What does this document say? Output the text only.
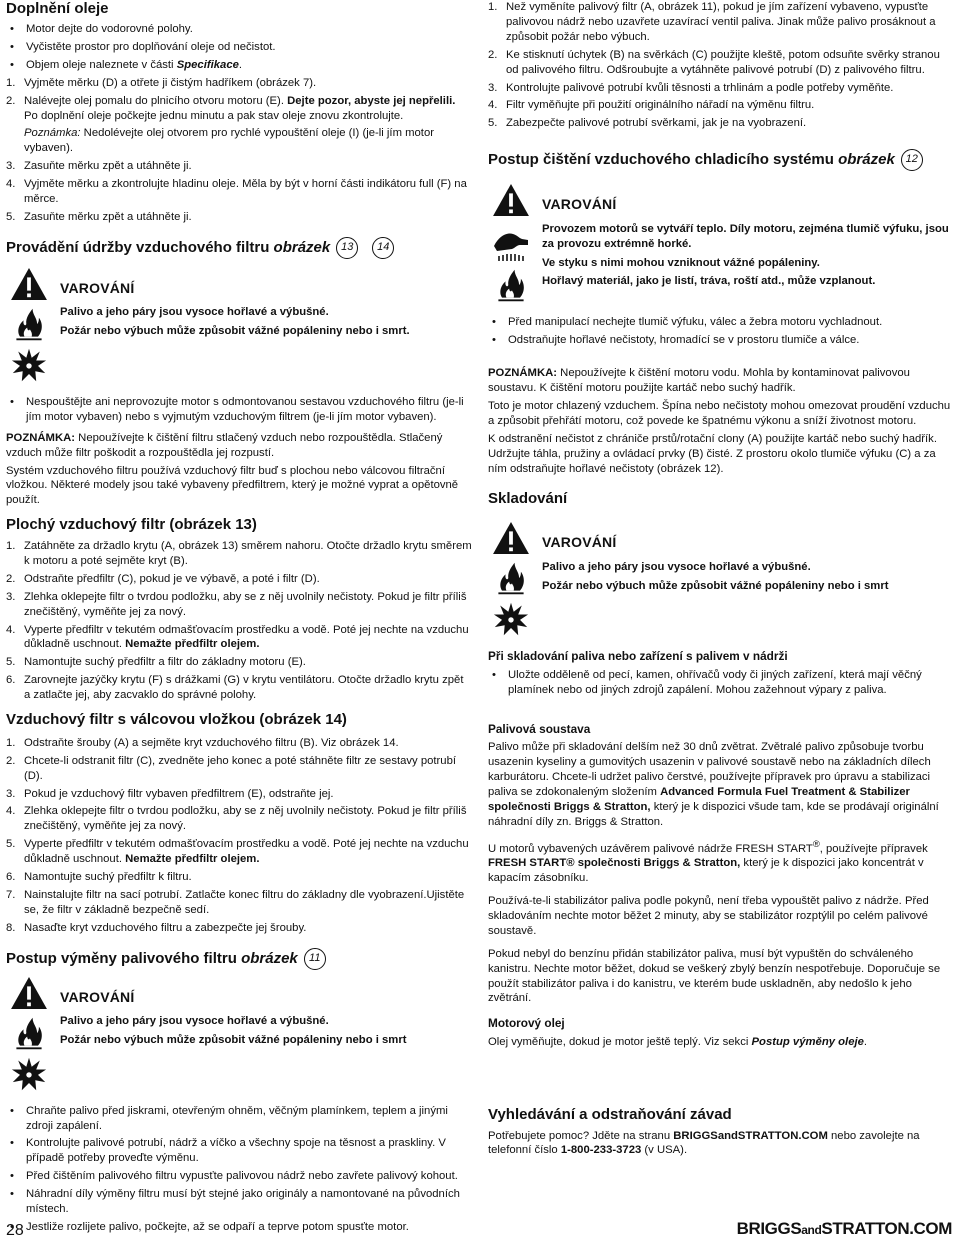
Doplnění oleje
• Motor dejte do vodorovné polohy.
• Vyčistěte prostor pro doplňování oleje od nečistot.
• Objem oleje naleznete v části Specifikace.
1. Vyjměte měrku (D) a otřete ji čistým hadříkem (obrázek 7).
2. Nalévejte olej pomalu do plnicího otvoru motoru (E). Dejte pozor, abyste jej nepřelili. Po doplnění oleje počkejte jednu minutu a pak stav oleje znovu zkontrolujte.

Poznámka: Nedolévejte olej otvorem pro rychlé vypouštění oleje (I) (je-li jím motor vybaven).

3. Zasuňte měrku zpět a utáhněte ji.
4. Vyjměte měrku a zkontrolujte hladinu oleje. Měla by být v horní části indikátoru full (F) na měrce.
5. Zasuňte měrku zpět a utáhněte ji.
Provádění údržby vzduchového filtru obrázek 13 14
VAROVÁNÍ
Palivo a jeho páry jsou vysoce hořlavé a výbušné.
Požár nebo výbuch může způsobit vážné popáleniny nebo i smrt.
• Nespouštějte ani neprovozujte motor s odmontovanou sestavou vzduchového filtru (je-li jím motor vybaven) nebo s vyjmutým vzduchovým filtrem (je-li jím motor vybaven).

POZNÁMKA: Nepoužívejte k čištění filtru stlačený vzduch nebo rozpouštědla. Stlačený vzduch může filtr poškodit a rozpouštědla jej rozpustí.

Systém vzduchového filtru používá vzduchový filtr buď s plochou nebo válcovou filtrační vložkou. Některé modely jsou také vybaveny předfiltrem, který je možné vyprat a opětovně použít.

Plochý vzduchový filtr (obrázek 13)
1. Zatáhněte za držadlo krytu (A, obrázek 13) směrem nahoru. Otočte držadlo krytu směrem k motoru a poté sejměte kryt (B).
2. Odstraňte předfiltr (C), pokud je ve výbavě, a poté i filtr (D).
3. Zlehka oklepejte filtr o tvrdou podložku, aby se z něj uvolnily nečistoty. Pokud je filtr příliš znečištěný, vyměňte jej za nový.
4. Vyperte předfiltr v tekutém odmašťovacím prostředku a vodě. Poté jej nechte na vzduchu důkladně uschnout. Nemažte předfiltr olejem.
5. Namontujte suchý předfiltr a filtr do základny motoru (E).
6. Zarovnejte jazýčky krytu (F) s drážkami (G) v krytu ventilátoru. Otočte držadlo krytu zpět a zatlačte jej, aby zacvaklo do správné polohy.
Vzduchový filtr s válcovou vložkou (obrázek 14)
1. Odstraňte šrouby (A) a sejměte kryt vzduchového filtru (B). Viz obrázek 14.
2. Chcete-li odstranit filtr (C), zvedněte jeho konec a poté stáhněte filtr ze sestavy potrubí (D).
3. Pokud je vzduchový filtr vybaven předfiltrem (E), odstraňte jej.
4. Zlehka oklepejte filtr o tvrdou podložku, aby se z něj uvolnily nečistoty. Pokud je filtr příliš znečištěný, vyměňte jej za nový.
5. Vyperte předfiltr v tekutém odmašťovacím prostředku a vodě. Poté jej nechte na vzduchu důkladně uschnout. Nemažte předfiltr olejem.
6. Namontujte suchý předfiltr k filtru.
7. Nainstalujte filtr na sací potrubí. Zatlačte konec filtru do základny dle vyobrazení.Ujistěte se, že filtr v základně bezpečně sedí.
8. Nasaďte kryt vzduchového filtru a zabezpečte jej šrouby.
Postup výměny palivového filtru obrázek 11
VAROVÁNÍ
Palivo a jeho páry jsou vysoce hořlavé a výbušné.
Požár nebo výbuch může způsobit vážné popáleniny nebo i smrt
• Chraňte palivo před jiskrami, otevřeným ohněm, věčným plamínkem, teplem a jinými zdroji zapálení.
• Kontrolujte palivové potrubí, nádrž a víčko a všechny spoje na těsnost a praskliny. V případě potřeby proveďte výměnu.
• Před čištěním palivového filtru vypusťte palivovou nádrž nebo zavřete palivový kohout.
• Náhradní díly výměny filtru musí být stejné jako originály a namontované na původních místech.
• Jestliže rozlijete palivo, počkejte, až se odpaří a teprve potom spusťte motor.
1. Než vyměníte palivový filtr (A, obrázek 11), pokud je jím zařízení vybaveno, vypusťte palivovou nádrž nebo uzavřete uzavírací ventil paliva. Jinak může palivo prosáknout a způsobit požár nebo výbuch.
2. Ke stisknutí úchytek (B) na svěrkách (C) použijte kleště, potom odsuňte svěrky stranou od palivového filtru. Odšroubujte a vytáhněte palivové potrubí (D) z palivového filtru.
3. Kontrolujte palivové potrubí kvůli těsnosti a trhlinám a podle potřeby vyměňte.
4. Filtr vyměňujte při použití originálního nářadí na výměnu filtru.
5. Zabezpečte palivové potrubí svěrkami, jak je na vyobrazení.
Postup čištění vzduchového chladicího systému obrázek 12
VAROVÁNÍ
Provozem motorů se vytváří teplo. Díly motoru, zejména tlumič výfuku, jsou za provozu extrémně horké.
Ve styku s nimi mohou vzniknout vážné popáleniny.
Hořlavý materiál, jako je listí, tráva, roští atd., může vzplanout.
• Před manipulací nechejte tlumič výfuku, válec a žebra motoru vychladnout.
• Odstraňujte hořlavé nečistoty, hromadící se v prostoru tlumiče a válce.

POZNÁMKA: Nepoužívejte k čištění motoru vodu. Mohla by kontaminovat palivovou soustavu. K čištění motoru použijte kartáč nebo suchý hadřík.

Toto je motor chlazený vzduchem. Špína nebo nečistoty mohou omezovat proudění vzduchu a způsobit přehřátí motoru, což povede ke špatnému výkonu a sníží životnost motoru.

K odstranění nečistot z chrániče prstů/rotační clony (A) použijte kartáč nebo suchý hadřík. Udržujte táhla, pružiny a ovládací prvky (B) čisté. Z prostoru okolo tlumiče výfuku (C) a za ním odstraňujte hořlavé nečistoty (obrázek 12).

Skladování
VAROVÁNÍ
Palivo a jeho páry jsou vysoce hořlavé a výbušné.
Požár nebo výbuch může způsobit vážné popáleniny nebo i smrt
Při skladování paliva nebo zařízení s palivem v nádrži
• Uložte odděleně od pecí, kamen, ohřívačů vody či jiných zařízení, která mají věčný plamínek nebo od jiných zdrojů zapálení. Mohou zažehnout výpary z paliva.
Palivová soustava

Palivo může při skladování delším než 30 dnů zvětrat. Zvětralé palivo způsobuje tvorbu usazenin kyseliny a gumovitých usazenin v palivové soustavě nebo na základních dílech karburátoru. Chcete-li udržet palivo čerstvé, používejte přípravek pro úpravu a stabilizaci paliva se zdokonaleným složením Advanced Formula Fuel Treatment & Stabilizer společnosti Briggs & Stratton, který je k dispozici všude tam, kde se prodávají originální náhradní díly zn. Briggs & Stratton.

U motorů vybavených uzávěrem palivové nádrže FRESH START®, používejte přípravek FRESH START® společnosti Briggs & Stratton, který je k dispozici jako koncentrát v kapacím zásobníku.

Používá-te-li stabilizátor paliva podle pokynů, není třeba vypouštět palivo z nádrže. Před skladováním nechte motor běžet 2 minuty, aby se stabilizátor rozptýlil po celém palivové soustavě.

Pokud nebyl do benzínu přidán stabilizátor paliva, musí být vypuštěn do schváleného kanistru. Nechte motor běžet, dokud se veškerý zbylý benzín nespotřebuje. Doporučuje se použít stabilizátor paliva i do kanistru, ve kterém bude uskladněn, aby nedošlo k jeho zvětrání.

Motorový olej

Olej vyměňujte, dokud je motor ještě teplý. Viz sekci Postup výměny oleje.

Vyhledávání a odstraňování závad

Potřebujete pomoc? Jděte na stranu BRIGGSandSTRATTON.COM nebo zavolejte na telefonní číslo 1-800-233-3723 (v USA).

28	BRIGGSandSTRATTON.COM
